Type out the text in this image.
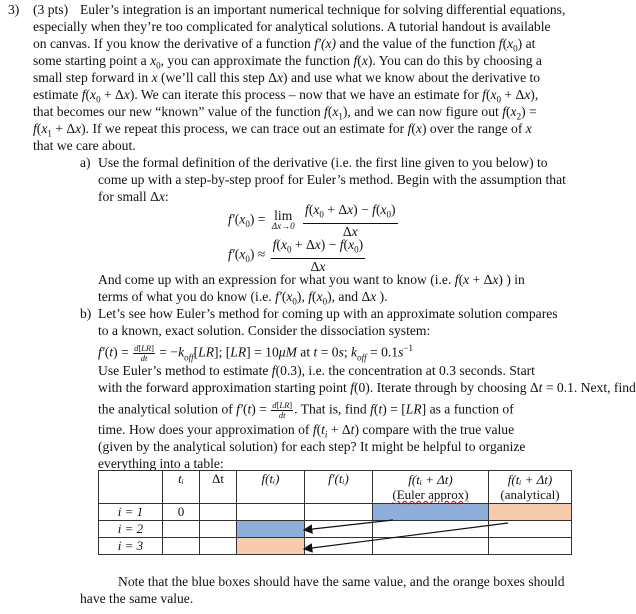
3) (3 pts) Euler’s integration is an important numerical technique for solving differential equations,
especially when they’re too complicated for analytical solutions. A tutorial handout is available
on canvas. If you know the derivative of a function f′(x) and the value of the function $f(x_0)$ at
some starting point a $x_0$, you can approximate the function f(x). You can do this by choosing a
small step forward in x (we’ll call this step Δx) and use what we know about the derivative to
estimate $f(x_0 + \Delta x)$. We can iterate this process – now that we have an estimate for $f(x_0 + \Delta x)$,
that becomes our new “known” value of the function $f(x_1)$, and we can now figure out $f(x_2)$ =
$f(x_1 + \Delta x)$. If we repeat this process, we can trace out an estimate for f(x) over the range of x
that we care about.
a) Use the formal definition of the derivative (i.e. the first line given to you below) to
come up with a step-by-step proof for Euler’s method. Begin with the assumption that
for small Δx:
$f'(x_0) = \lim$
Δx→0
$\frac{f(x_0 + \Delta x) - f(x_0)}{\Delta x}$
$f'(x_0) \approx \frac{f(x_0 + \Delta x) - f(x_0)}{\Delta x}$
And come up with an expression for what you want to know (i.e. f(x + Δx) ) in
terms of what you do know (i.e. $f'(x_0)$, $f(x_0)$, and Δx ).
b) Let’s see how Euler’s method for coming up with an approximate solution compares
to a known, exact solution. Consider the dissociation system:
$f'(t) = \frac{d[LR]}{dt} = -k_{off}[LR]$; [LR] = 10μM at t = 0s; $k_{off} = 0.1s^{-1}$
Use Euler’s method to estimate f(0.3), i.e. the concentration at 0.3 seconds. Start
with the forward approximation starting point f(0). Iterate through by choosing Δt = 0.1. Next, find
the analytical solution of $f'(t) = \frac{d[LR]}{dt}$ . That is, find f(t) = [LR] as a function of
time. How does your approximation of $f(t_i + \Delta t)$ compare with the true value
(given by the analytical solution) for each step? It might be helpful to organize
everything into a table:
	tᵢ	Δt	f(tᵢ)	f′(tᵢ)	f(tᵢ + Δt)
(Euler approx)	f(tᵢ + Δt)
(analytical)
i = 1	0					
i = 2						
i = 3						
Note that the blue boxes should have the same value, and the orange boxes should
have the same value.
